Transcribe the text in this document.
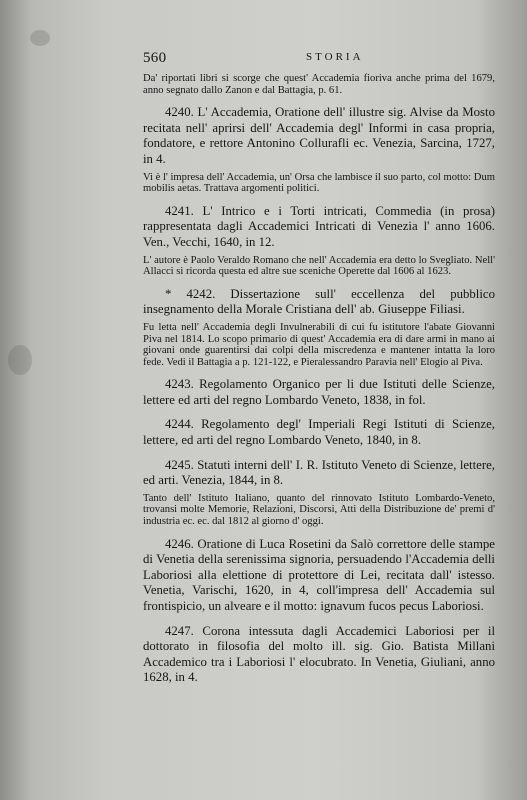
560	STORIA

Da' riportati libri si scorge che quest' Accademia fioriva anche prima del 1679, anno segnato dallo Zanon e dal Battagia, p. 61.

4240. L' Accademia, Oratione dell' illustre sig. Alvise da Mosto recitata nell' aprirsi dell' Accademia degl' Informi in casa propria, fondatore, e rettore Antonino Collurafli ec. Venezia, Sarcina, 1727, in 4.

Vi è l' impresa dell' Accademia, un' Orsa che lambisce il suo parto, col motto: Dum mobilis aetas. Trattava argomenti politici.

4241. L' Intrico e i Torti intricati, Commedia (in prosa) rappresentata dagli Accademici Intricati di Venezia l' anno 1606. Ven., Vecchi, 1640, in 12.

L' autore è Paolo Veraldo Romano che nell' Accademia era detto lo Svegliato. Nell' Allacci si ricorda questa ed altre sue sceniche Operette dal 1606 al 1623.

* 4242. Dissertazione sull' eccellenza del pubblico insegnamento della Morale Cristiana dell' ab. Giuseppe Filiasi.

Fu letta nell' Accademia degli Invulnerabili di cui fu istitutore l'abate Giovanni Piva nel 1814. Lo scopo primario di quest' Accademia era di dare armi in mano ai giovani onde guarentirsi dai colpi della miscredenza e mantener intatta la loro fede. Vedi il Battagia a p. 121-122, e Pieralessandro Paravia nell' Elogio al Piva.

4243. Regolamento Organico per li due Istituti delle Scienze, lettere ed arti del regno Lombardo Veneto, 1838, in fol.

4244. Regolamento degl' Imperiali Regi Istituti di Scienze, lettere, ed arti del regno Lombardo Veneto, 1840, in 8.

4245. Statuti interni dell' I. R. Istituto Veneto di Scienze, lettere, ed arti. Venezia, 1844, in 8.

Tanto dell' Istituto Italiano, quanto del rinnovato Istituto Lombardo-Veneto, trovansi molte Memorie, Relazioni, Discorsi, Atti della Distribuzione de' premi d' industria ec. ec. dal 1812 al giorno d' oggi.

4246. Oratione di Luca Rosetini da Salò correttore delle stampe di Venetia della serenissima signoria, persuadendo l'Accademia delli Laboriosi alla elettione di protettore di Lei, recitata dall' istesso. Venetia, Varischi, 1620, in 4, coll'impresa dell' Accademia sul frontispicio, un alveare e il motto: ignavum fucos pecus Laboriosi.

4247. Corona intessuta dagli Accademici Laboriosi per il dottorato in filosofia del molto ill. sig. Gio. Batista Millani Accademico tra i Laboriosi l' elocubrato. In Venetia, Giuliani, anno 1628, in 4.
